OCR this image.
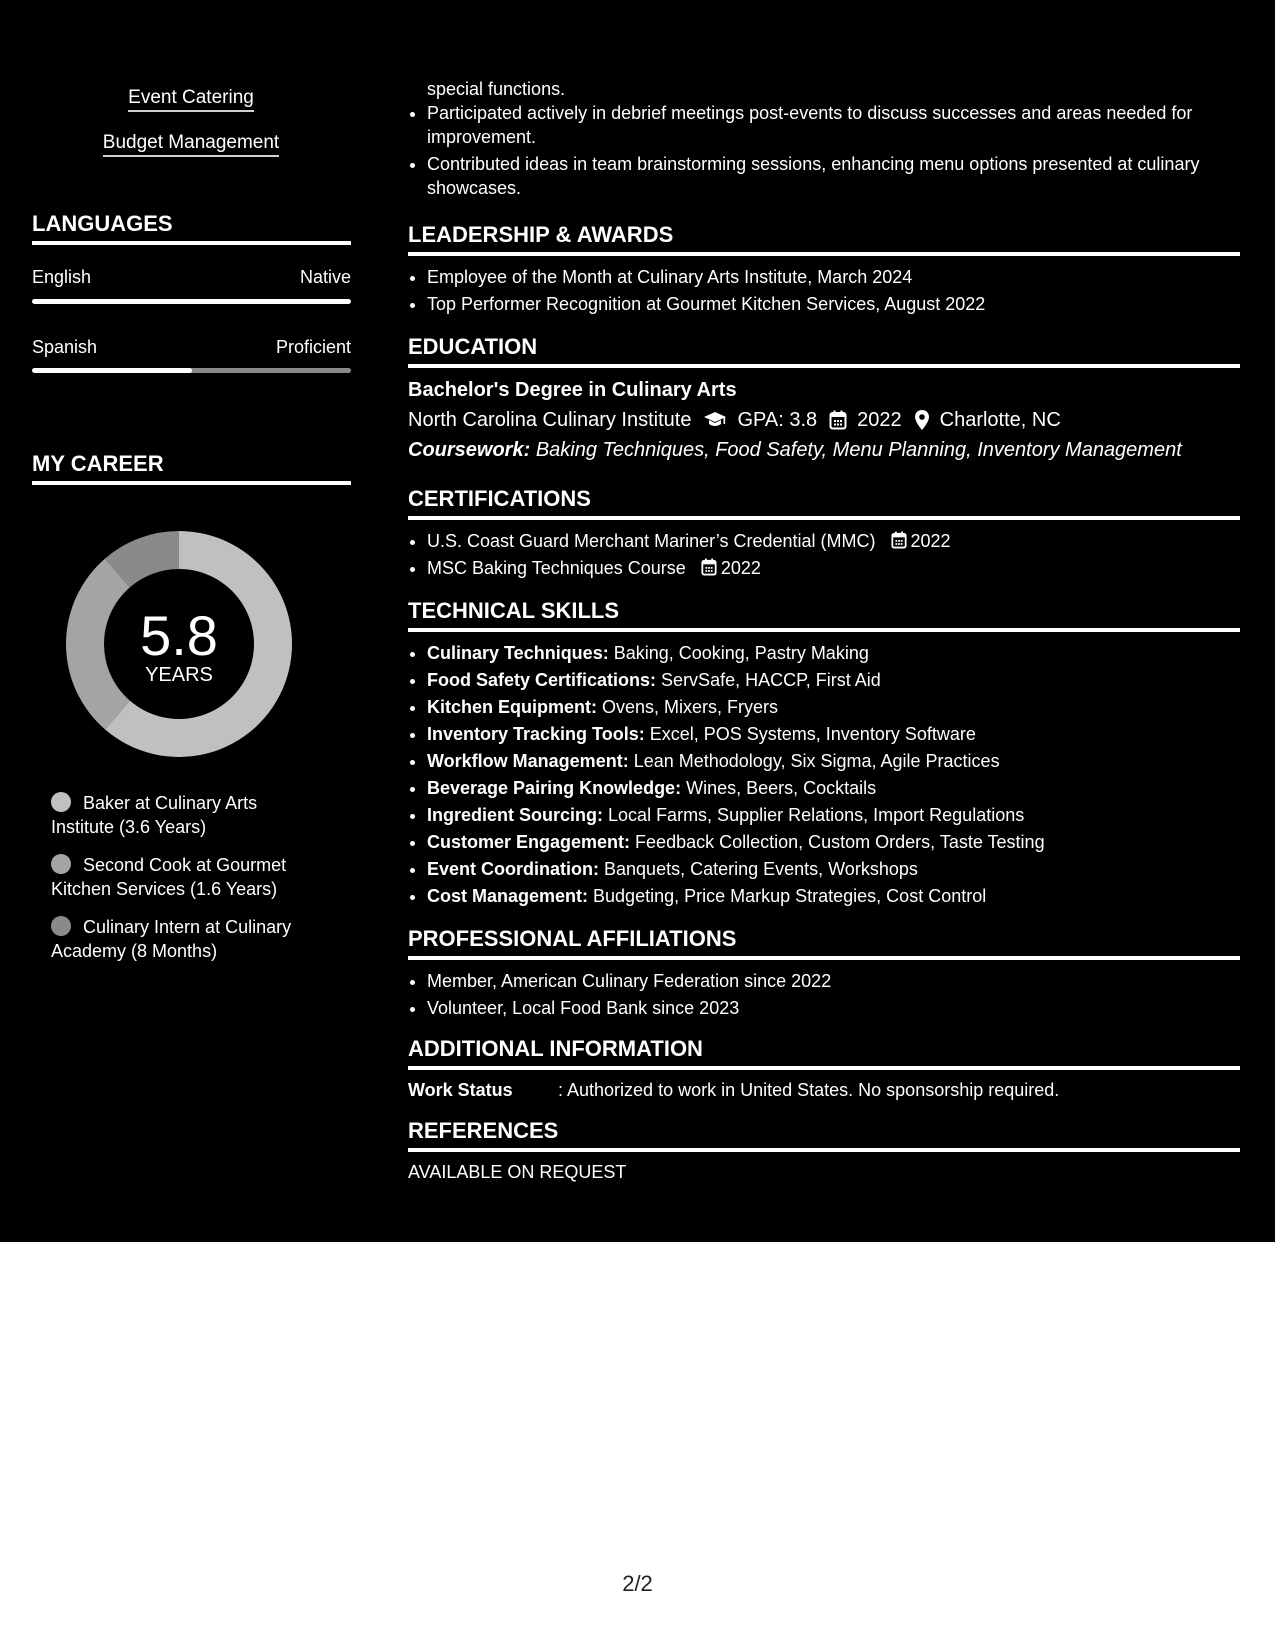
Event Catering
Budget Management
LANGUAGES
English	Native
Spanish	Proficient
MY CAREER
5.8
YEARS
Baker at Culinary Arts Institute (3.6 Years)
Second Cook at Gourmet Kitchen Services (1.6 Years)
Culinary Intern at Culinary Academy (8 Months)
special functions.
• Participated actively in debrief meetings post-events to discuss successes and areas needed for improvement.
• Contributed ideas in team brainstorming sessions, enhancing menu options presented at culinary showcases.
LEADERSHIP & AWARDS
• Employee of the Month at Culinary Arts Institute, March 2024
• Top Performer Recognition at Gourmet Kitchen Services, August 2022
EDUCATION
Bachelor's Degree in Culinary Arts
North Carolina Culinary Institute GPA: 3.8 2022 Charlotte, NC
Coursework: Baking Techniques, Food Safety, Menu Planning, Inventory Management
CERTIFICATIONS
• U.S. Coast Guard Merchant Mariner’s Credential (MMC) 2022
• MSC Baking Techniques Course 2022
TECHNICAL SKILLS
• Culinary Techniques: Baking, Cooking, Pastry Making
• Food Safety Certifications: ServSafe, HACCP, First Aid
• Kitchen Equipment: Ovens, Mixers, Fryers
• Inventory Tracking Tools: Excel, POS Systems, Inventory Software
• Workflow Management: Lean Methodology, Six Sigma, Agile Practices
• Beverage Pairing Knowledge: Wines, Beers, Cocktails
• Ingredient Sourcing: Local Farms, Supplier Relations, Import Regulations
• Customer Engagement: Feedback Collection, Custom Orders, Taste Testing
• Event Coordination: Banquets, Catering Events, Workshops
• Cost Management: Budgeting, Price Markup Strategies, Cost Control
PROFESSIONAL AFFILIATIONS
• Member, American Culinary Federation since 2022
• Volunteer, Local Food Bank since 2023
ADDITIONAL INFORMATION
Work Status	: Authorized to work in United States. No sponsorship required.
REFERENCES
AVAILABLE ON REQUEST
2/2
